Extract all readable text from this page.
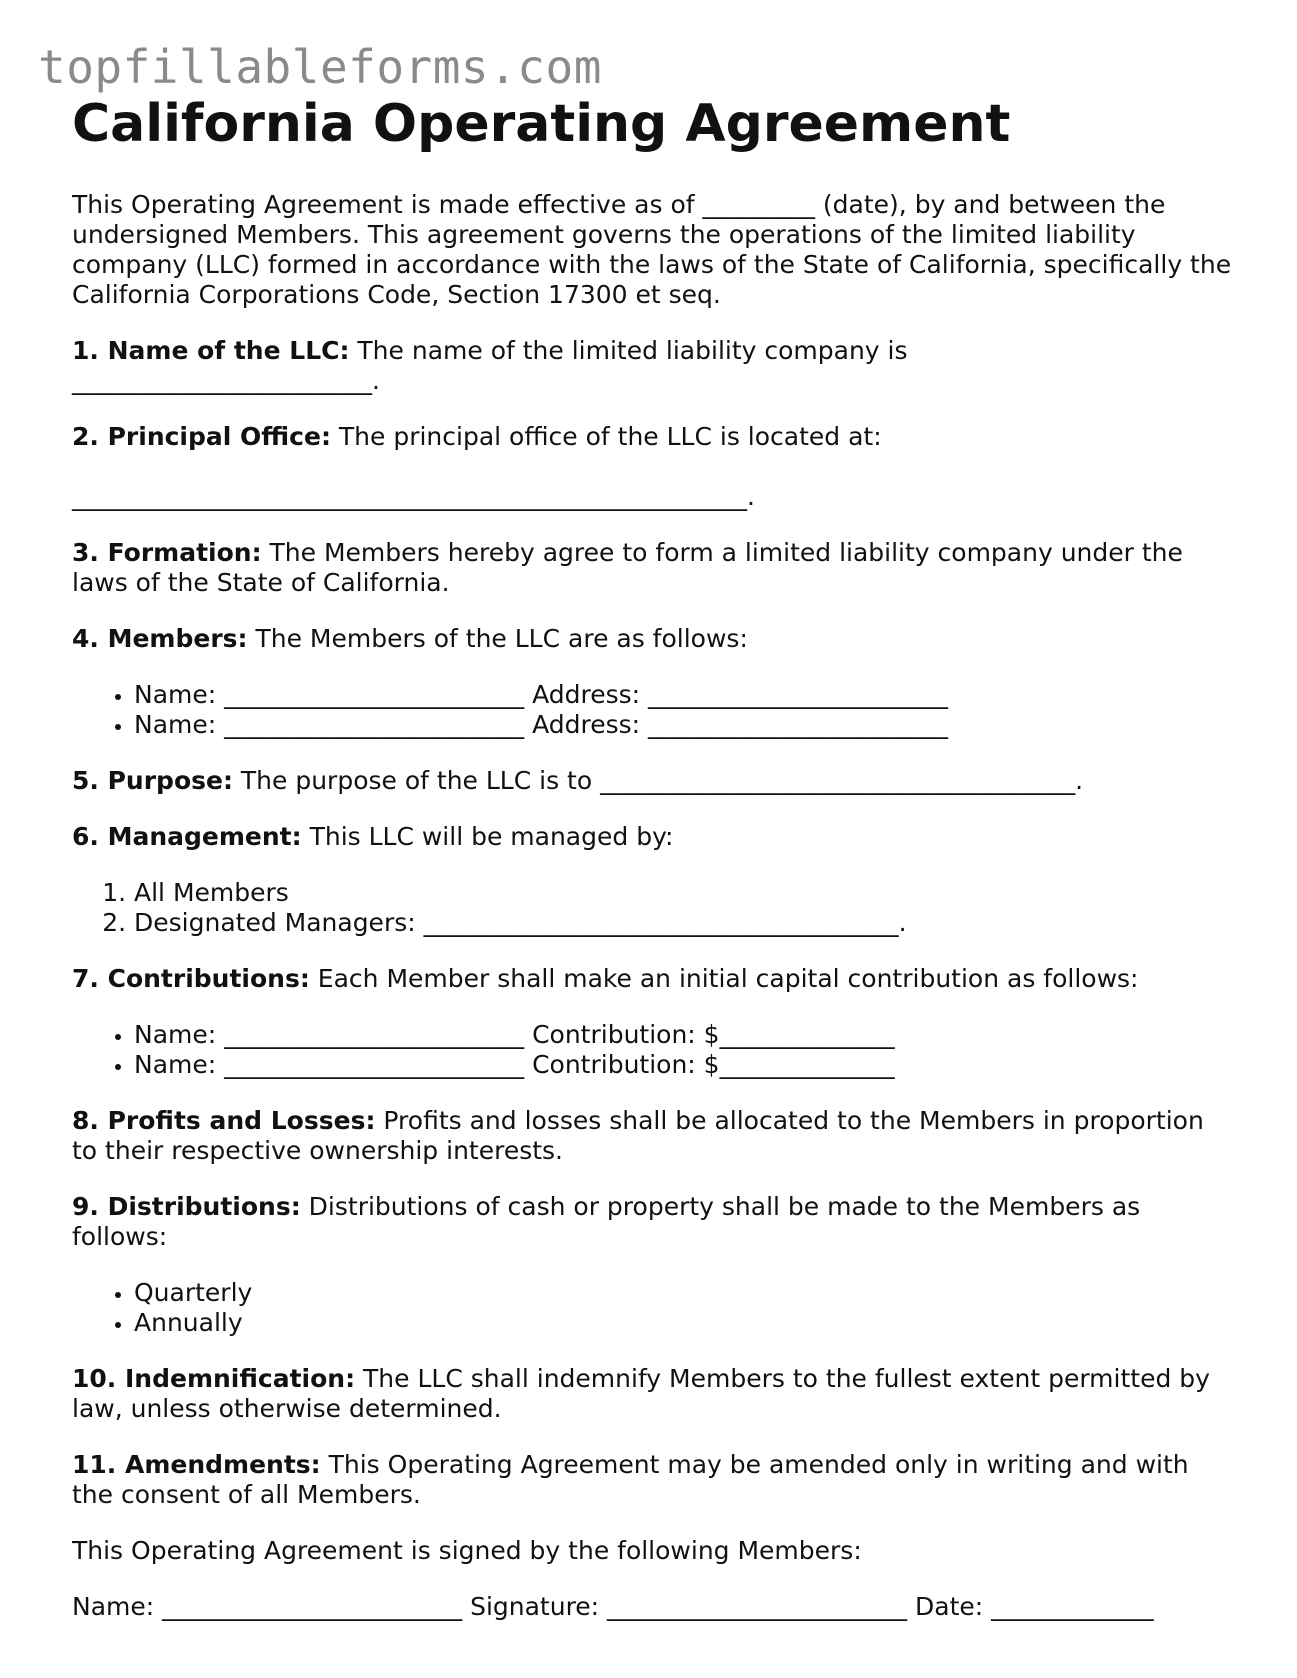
topfillableforms.com
California Operating Agreement

This Operating Agreement is made effective as of _________ (date), by and between the undersigned Members. This agreement governs the operations of the limited liability company (LLC) formed in accordance with the laws of the State of California, specifically the California Corporations Code, Section 17300 et seq.

1. Name of the LLC: The name of the limited liability company is

________________________.

2. Principal Office: The principal office of the LLC is located at:

______________________________________________________.

3. Formation: The Members hereby agree to form a limited liability company under the laws of the State of California.

4. Members: The Members of the LLC are as follows:

• Name: ________________________ Address: ________________________
• Name: ________________________ Address: ________________________

5. Purpose: The purpose of the LLC is to ______________________________________.

6. Management: This LLC will be managed by:

1. All Members
2. Designated Managers: ______________________________________.

7. Contributions: Each Member shall make an initial capital contribution as follows:

• Name: ________________________ Contribution: $______________
• Name: ________________________ Contribution: $______________

8. Profits and Losses: Profits and losses shall be allocated to the Members in proportion to their respective ownership interests.

9. Distributions: Distributions of cash or property shall be made to the Members as follows:

• Quarterly
• Annually

10. Indemnification: The LLC shall indemnify Members to the fullest extent permitted by law, unless otherwise determined.

11. Amendments: This Operating Agreement may be amended only in writing and with the consent of all Members.

This Operating Agreement is signed by the following Members:

Name: ________________________ Signature: ________________________ Date: _____________
